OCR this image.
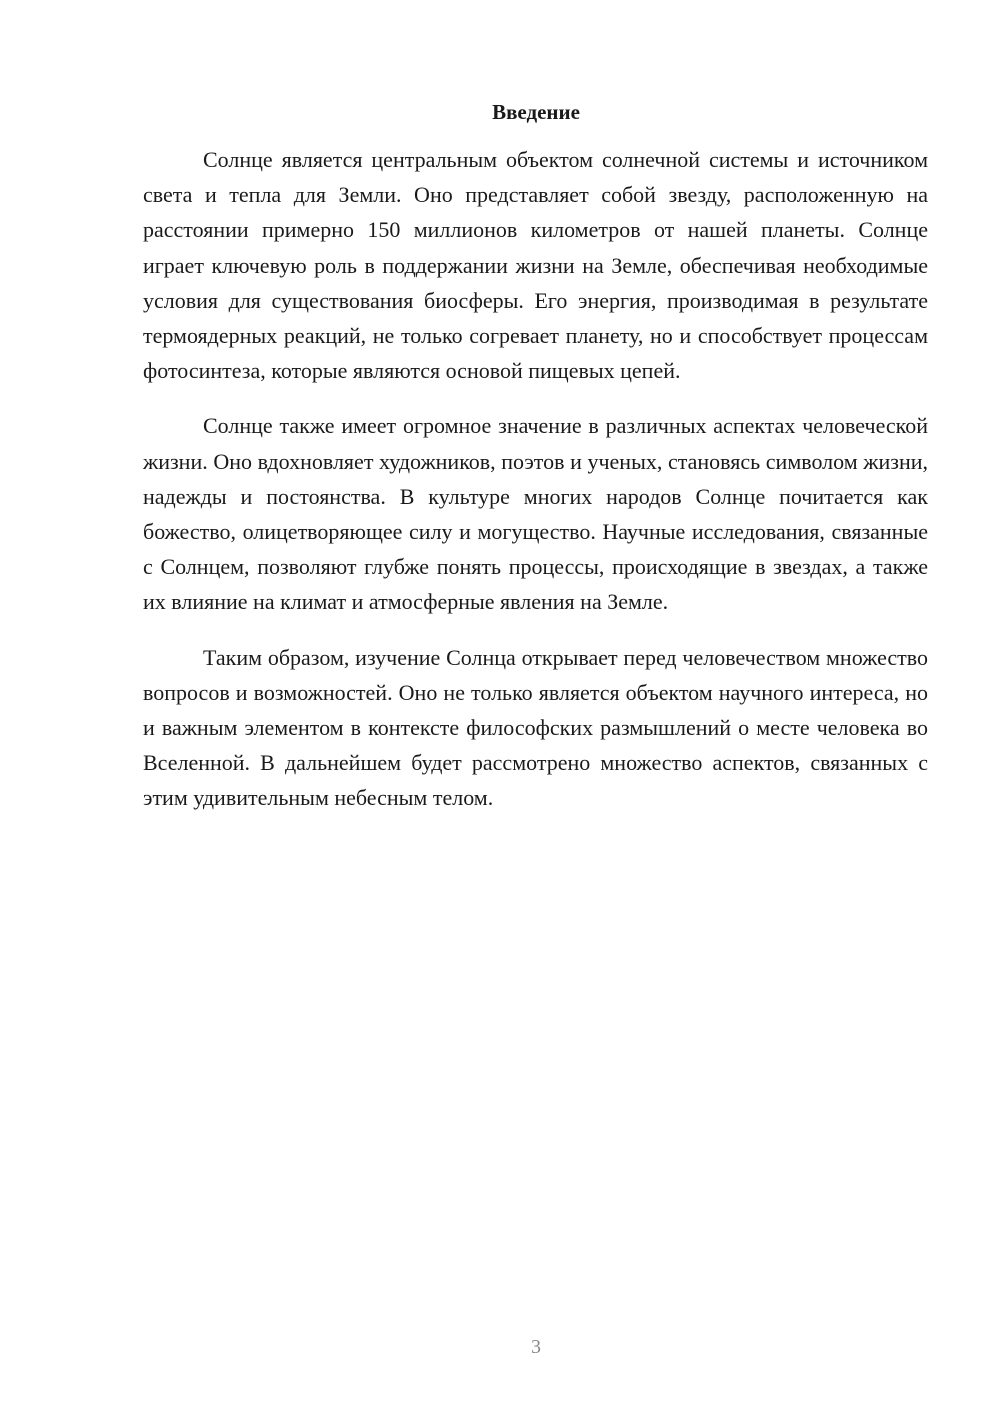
Введение

Солнце является центральным объектом солнечной системы и источником света и тепла для Земли. Оно представляет собой звезду, расположенную на расстоянии примерно 150 миллионов километров от нашей планеты. Солнце играет ключевую роль в поддержании жизни на Земле, обеспечивая необходимые условия для существования биосферы. Его энергия, производимая в результате термоядерных реакций, не только согревает планету, но и способствует процессам фотосинтеза, которые являются основой пищевых цепей.

Солнце также имеет огромное значение в различных аспектах человеческой жизни. Оно вдохновляет художников, поэтов и ученых, становясь символом жизни, надежды и постоянства. В культуре многих народов Солнце почитается как божество, олицетворяющее силу и могущество. Научные исследования, связанные с Солнцем, позволяют глубже понять процессы, происходящие в звездах, а также их влияние на климат и атмосферные явления на Земле.

Таким образом, изучение Солнца открывает перед человечеством множество вопросов и возможностей. Оно не только является объектом научного интереса, но и важным элементом в контексте философских размышлений о месте человека во Вселенной. В дальнейшем будет рассмотрено множество аспектов, связанных с этим удивительным небесным телом.

3
